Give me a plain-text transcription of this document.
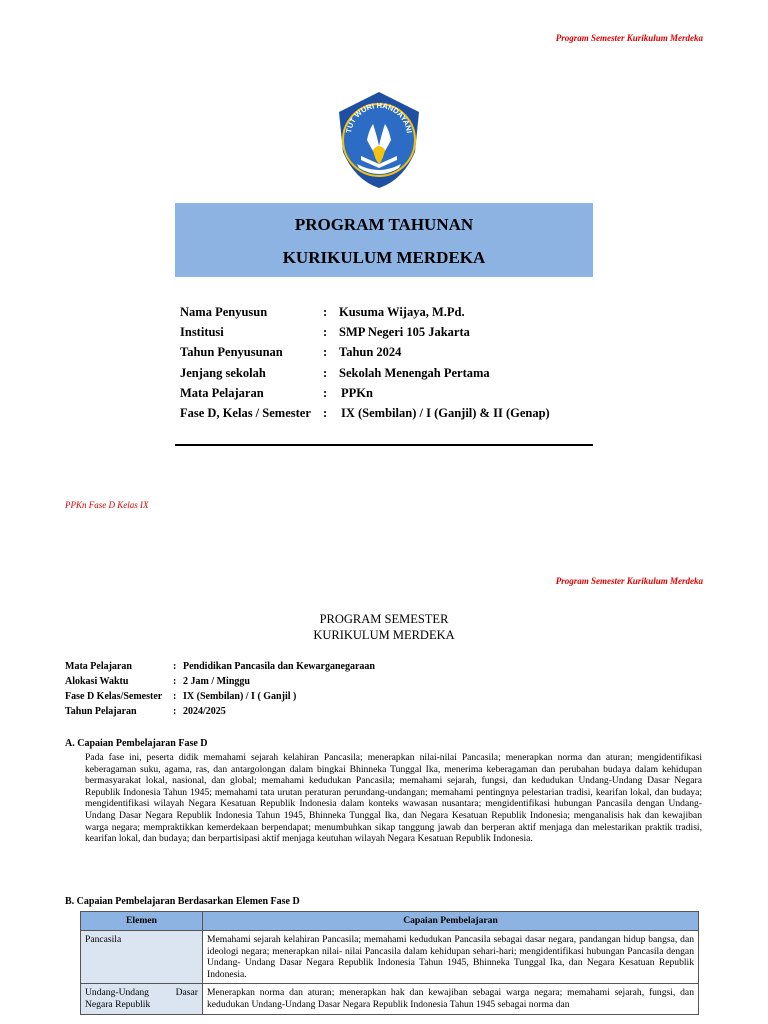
Program Semester Kurikulum Merdeka
TUT WURI HANDAYANI
PROGRAM TAHUNAN
KURIKULUM MERDEKA
Nama Penyusun	: Kusuma Wijaya, M.Pd.
Institusi	: SMP Negeri 105 Jakarta
Tahun Penyusunan	: Tahun 2024
Jenjang sekolah	: Sekolah Menengah Pertama
Mata Pelajaran	: PPKn
Fase D, Kelas / Semester : IX (Sembilan) / I (Ganjil) & II (Genap)
PPKn Fase D Kelas IX
Program Semester Kurikulum Merdeka
PROGRAM SEMESTER
KURIKULUM MERDEKA
Mata Pelajaran	: Pendidikan Pancasila dan Kewarganegaraan
Alokasi Waktu	: 2 Jam / Minggu
Fase D Kelas/Semester : IX (Sembilan) / I ( Ganjil )
Tahun Pelajaran	: 2024/2025
A. Capaian Pembelajaran Fase D
Pada fase ini, peserta didik memahami sejarah kelahiran Pancasila; menerapkan nilai-nilai Pancasila; menerapkan norma dan aturan; mengidentifikasi keberagaman suku, agama, ras, dan antargolongan dalam bingkai Bhinneka Tunggal Ika, menerima keberagaman dan perubahan budaya dalam kehidupan bermasyarakat lokal, nasional, dan global; memahami kedudukan Pancasila; memahami sejarah, fungsi, dan kedudukan Undang-Undang Dasar Negara Republik Indonesia Tahun 1945; memahami tata urutan peraturan perundang-undangan; memahami pentingnya pelestarian tradisi, kearifan lokal, dan budaya; mengidentifikasi wilayah Negara Kesatuan Republik Indonesia dalam konteks wawasan nusantara; mengidentifikasi hubungan Pancasila dengan Undang-Undang Dasar Negara Republik Indonesia Tahun 1945, Bhinneka Tunggal Ika, dan Negara Kesatuan Republik Indonesia; menganalisis hak dan kewajiban warga negara; mempraktikkan kemerdekaan berpendapat; menumbuhkan sikap tanggung jawab dan berperan aktif menjaga dan melestarikan praktik tradisi, kearifan lokal, dan budaya; dan berpartisipasi aktif menjaga keutuhan wilayah Negara Kesatuan Republik Indonesia.
B. Capaian Pembelajaran Berdasarkan Elemen Fase D
Elemen	Capaian Pembelajaran
Pancasila	Memahami sejarah kelahiran Pancasila; memahami kedudukan Pancasila sebagai dasar negara, pandangan hidup bangsa, dan ideologi negara; menerapkan nilai- nilai Pancasila dalam kehidupan sehari-hari; mengidentifikasi hubungan Pancasila dengan Undang- Undang Dasar Negara Republik Indonesia Tahun 1945, Bhinneka Tunggal Ika, dan Negara Kesatuan Republik Indonesia.
Undang-Undang Dasar Negara Republik	Menerapkan norma dan aturan; menerapkan hak dan kewajiban sebagai warga negara; memahami sejarah, fungsi, dan kedudukan Undang-Undang Dasar Negara Republik Indonesia Tahun 1945 sebagai norma dan
